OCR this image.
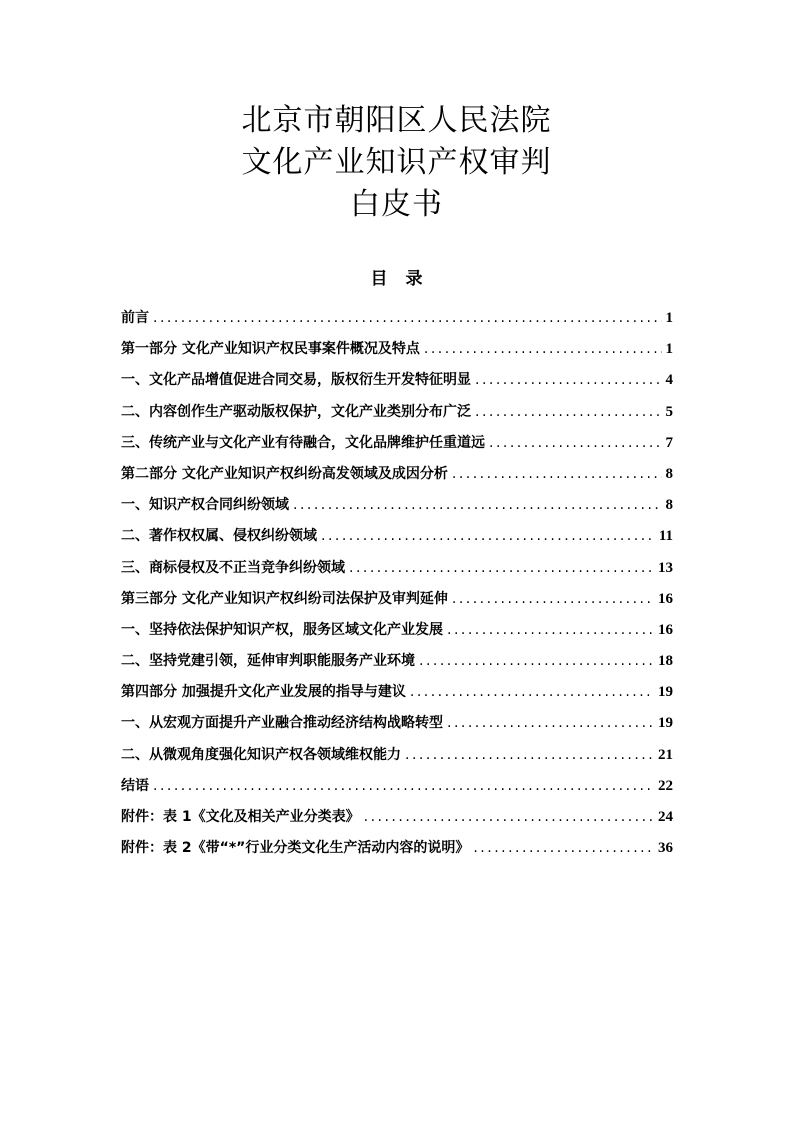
北京市朝阳区人民法院
文化产业知识产权审判
白皮书
目录
前言 .....	1
第一部分 文化产业知识产权民事案件概况及特点 .....	1
一、文化产品增值促进合同交易，版权衍生开发特征明显 .....	4
二、内容创作生产驱动版权保护，文化产业类别分布广泛 .....	5
三、传统产业与文化产业有待融合，文化品牌维护任重道远 .....	7
第二部分 文化产业知识产权纠纷高发领域及成因分析 .....	8
一、知识产权合同纠纷领域 .....	8
二、著作权权属、侵权纠纷领域 .....	11
三、商标侵权及不正当竞争纠纷领域 .....	13
第三部分 文化产业知识产权纠纷司法保护及审判延伸 .....	16
一、坚持依法保护知识产权，服务区域文化产业发展 .....	16
二、坚持党建引领，延伸审判职能服务产业环境 .....	18
第四部分 加强提升文化产业发展的指导与建议 .....	19
一、从宏观方面提升产业融合推动经济结构战略转型 .....	19
二、从微观角度强化知识产权各领域维权能力 .....	21
结语 .....	22
附件：表 1《文化及相关产业分类表》 .....	24
附件：表 2《带“*”行业分类文化生产活动内容的说明》 .....	36
